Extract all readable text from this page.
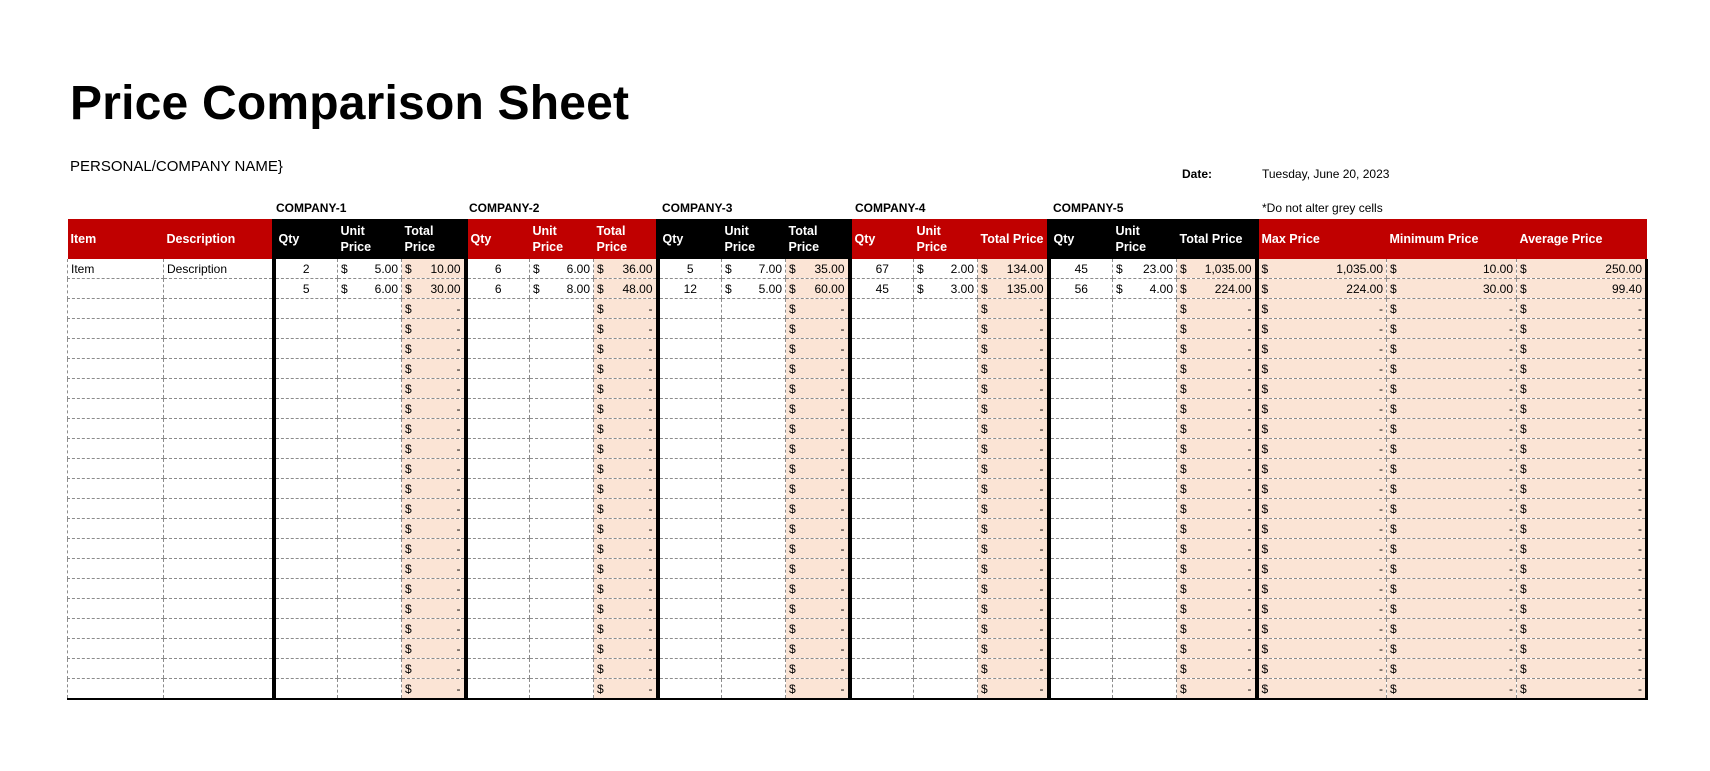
Price Comparison Sheet
PERSONAL/COMPANY NAME}	Date:	Tuesday, June 20, 2023
COMPANY-1	COMPANY-2	COMPANY-3	COMPANY-4	COMPANY-5	*Do not alter grey cells
Item	Description	Qty	Unit Price	Total Price	Qty	Unit Price	Total Price	Qty	Unit Price	Total Price	Qty	Unit Price	Total Price	Qty	Unit Price	Total Price	Max Price	Minimum Price	Average Price
Item	Description	2	$ 5.00	$ 10.00	6	$ 6.00	$ 36.00	5	$ 7.00	$ 35.00	67	$ 2.00	$ 134.00	45	$ 23.00	$ 1,035.00	$ 1,035.00	$ 10.00	$ 250.00

		5	$ 6.00	$ 30.00	6	$ 8.00	$ 48.00	12	$ 5.00	$ 60.00	45	$ 3.00	$ 135.00	56	$ 4.00	$ 224.00	$ 224.00	$ 30.00	$ 99.40

				$ -			$ -			$ -			$ -			$ -	$ -	$ -	$ -

				$ -			$ -			$ -			$ -			$ -	$ -	$ -	$ -

				$ -			$ -			$ -			$ -			$ -	$ -	$ -	$ -

				$ -			$ -			$ -			$ -			$ -	$ -	$ -	$ -

				$ -			$ -			$ -			$ -			$ -	$ -	$ -	$ -

				$ -			$ -			$ -			$ -			$ -	$ -	$ -	$ -

				$ -			$ -			$ -			$ -			$ -	$ -	$ -	$ -

				$ -			$ -			$ -			$ -			$ -	$ -	$ -	$ -

				$ -			$ -			$ -			$ -			$ -	$ -	$ -	$ -

				$ -			$ -			$ -			$ -			$ -	$ -	$ -	$ -

				$ -			$ -			$ -			$ -			$ -	$ -	$ -	$ -

				$ -			$ -			$ -			$ -			$ -	$ -	$ -	$ -

				$ -			$ -			$ -			$ -			$ -	$ -	$ -	$ -

				$ -			$ -			$ -			$ -			$ -	$ -	$ -	$ -

				$ -			$ -			$ -			$ -			$ -	$ -	$ -	$ -

				$ -			$ -			$ -			$ -			$ -	$ -	$ -	$ -

				$ -			$ -			$ -			$ -			$ -	$ -	$ -	$ -

				$ -			$ -			$ -			$ -			$ -	$ -	$ -	$ -

				$ -			$ -			$ -			$ -			$ -	$ -	$ -	$ -

				$ -			$ -			$ -			$ -			$ -	$ -	$ -	$ -
